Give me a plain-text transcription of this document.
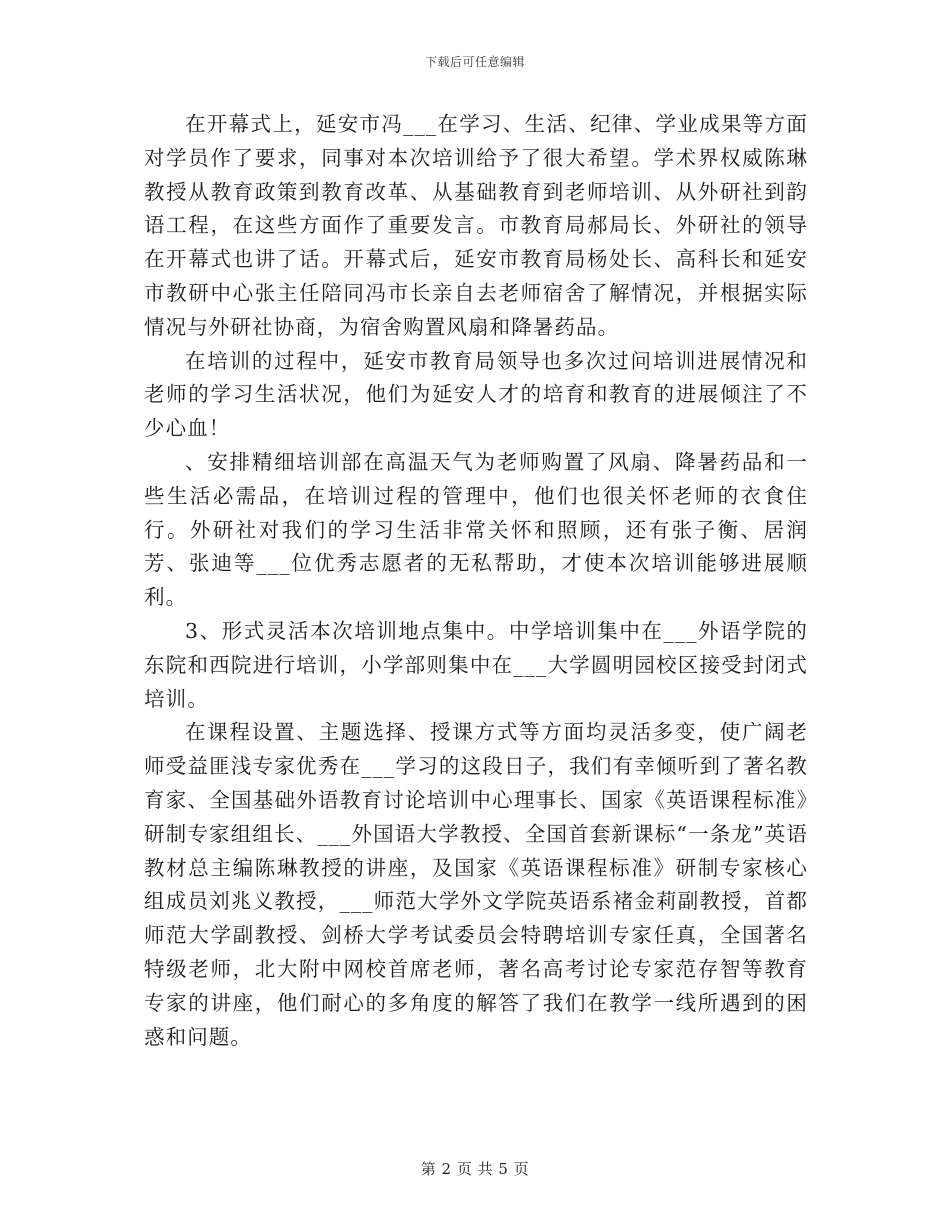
下载后可任意编辑

在开幕式上，延安市冯___在学习、生活、纪律、学业成果等方面对学员作了要求，同事对本次培训给予了很大希望。学术界权威陈琳教授从教育政策到教育改革、从基础教育到老师培训、从外研社到韵语工程，在这些方面作了重要发言。市教育局郝局长、外研社的领导在开幕式也讲了话。开幕式后，延安市教育局杨处长、高科长和延安市教研中心张主任陪同冯市长亲自去老师宿舍了解情况，并根据实际情况与外研社协商，为宿舍购置风扇和降暑药品。

在培训的过程中，延安市教育局领导也多次过问培训进展情况和老师的学习生活状况，他们为延安人才的培育和教育的进展倾注了不少心血！

、安排精细培训部在高温天气为老师购置了风扇、降暑药品和一些生活必需品，在培训过程的管理中，他们也很关怀老师的衣食住行。外研社对我们的学习生活非常关怀和照顾，还有张子衡、居润芳、张迪等___位优秀志愿者的无私帮助，才使本次培训能够进展顺利。

3、形式灵活本次培训地点集中。中学培训集中在___外语学院的东院和西院进行培训，小学部则集中在___大学圆明园校区接受封闭式培训。

在课程设置、主题选择、授课方式等方面均灵活多变，使广阔老师受益匪浅专家优秀在___学习的这段日子，我们有幸倾听到了著名教育家、全国基础外语教育讨论培训中心理事长、国家《英语课程标准》研制专家组组长、___外国语大学教授、全国首套新课标“一条龙”英语教材总主编陈琳教授的讲座，及国家《英语课程标准》研制专家核心组成员刘兆义教授，___师范大学外文学院英语系褚金莉副教授，首都师范大学副教授、剑桥大学考试委员会特聘培训专家任真，全国著名特级老师，北大附中网校首席老师，著名高考讨论专家范存智等教育专家的讲座，他们耐心的多角度的解答了我们在教学一线所遇到的困惑和问题。

第 2 页 共 5 页
